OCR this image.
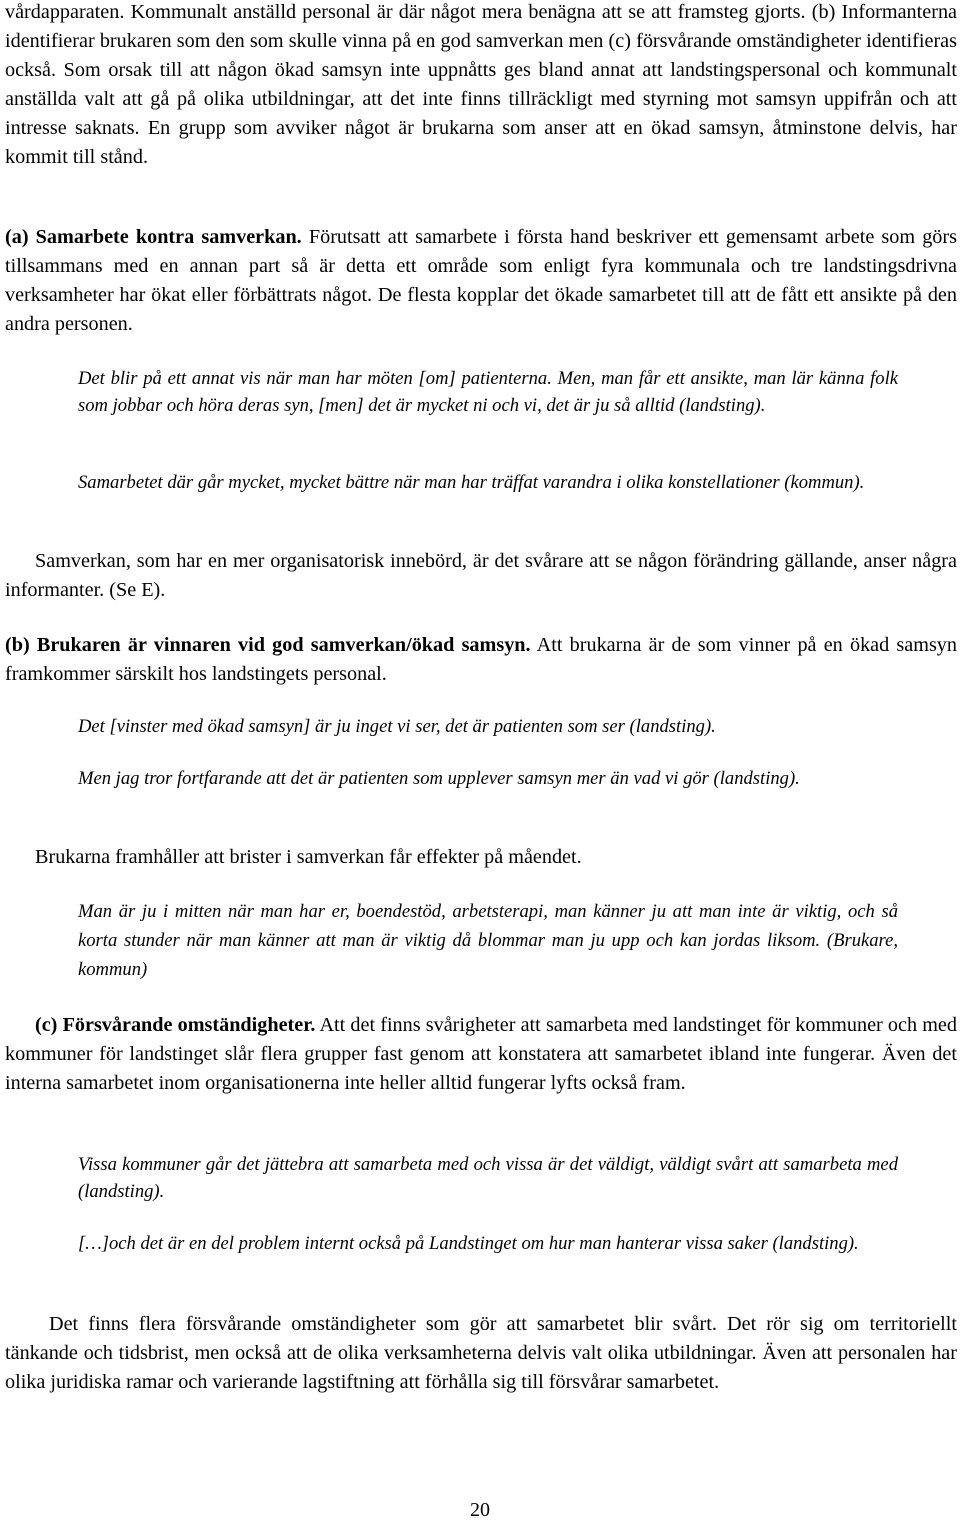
vårdapparaten. Kommunalt anställd personal är där något mera benägna att se att framsteg gjorts. (b) Informanterna identifierar brukaren som den som skulle vinna på en god samverkan men (c) försvårande omständigheter identifieras också. Som orsak till att någon ökad samsyn inte uppnåtts ges bland annat att landstingspersonal och kommunalt anställda valt att gå på olika utbildningar, att det inte finns tillräckligt med styrning mot samsyn uppifrån och att intresse saknats. En grupp som avviker något är brukarna som anser att en ökad samsyn, åtminstone delvis, har kommit till stånd.

(a) Samarbete kontra samverkan. Förutsatt att samarbete i första hand beskriver ett gemensamt arbete som görs tillsammans med en annan part så är detta ett område som enligt fyra kommunala och tre landstingsdrivna verksamheter har ökat eller förbättrats något. De flesta kopplar det ökade samarbetet till att de fått ett ansikte på den andra personen.

Det blir på ett annat vis när man har möten [om] patienterna. Men, man får ett ansikte, man lär känna folk som jobbar och höra deras syn, [men] det är mycket ni och vi, det är ju så alltid (landsting).

Samarbetet där går mycket, mycket bättre när man har träffat varandra i olika konstellationer (kommun).

Samverkan, som har en mer organisatorisk innebörd, är det svårare att se någon förändring gällande, anser några informanter. (Se E).

(b) Brukaren är vinnaren vid god samverkan/ökad samsyn. Att brukarna är de som vinner på en ökad samsyn framkommer särskilt hos landstingets personal.

Det [vinster med ökad samsyn] är ju inget vi ser, det är patienten som ser (landsting).

Men jag tror fortfarande att det är patienten som upplever samsyn mer än vad vi gör (landsting).

Brukarna framhåller att brister i samverkan får effekter på måendet.

Man är ju i mitten när man har er, boendestöd, arbetsterapi, man känner ju att man inte är viktig, och så korta stunder när man känner att man är viktig då blommar man ju upp och kan jordas liksom. (Brukare, kommun)

(c) Försvårande omständigheter. Att det finns svårigheter att samarbeta med landstinget för kommuner och med kommuner för landstinget slår flera grupper fast genom att konstatera att samarbetet ibland inte fungerar. Även det interna samarbetet inom organisationerna inte heller alltid fungerar lyfts också fram.

Vissa kommuner går det jättebra att samarbeta med och vissa är det väldigt, väldigt svårt att samarbeta med (landsting).

[…]och det är en del problem internt också på Landstinget om hur man hanterar vissa saker (landsting).

Det finns flera försvårande omständigheter som gör att samarbetet blir svårt. Det rör sig om territoriellt tänkande och tidsbrist, men också att de olika verksamheterna delvis valt olika utbildningar. Även att personalen har olika juridiska ramar och varierande lagstiftning att förhålla sig till försvårar samarbetet.

20
